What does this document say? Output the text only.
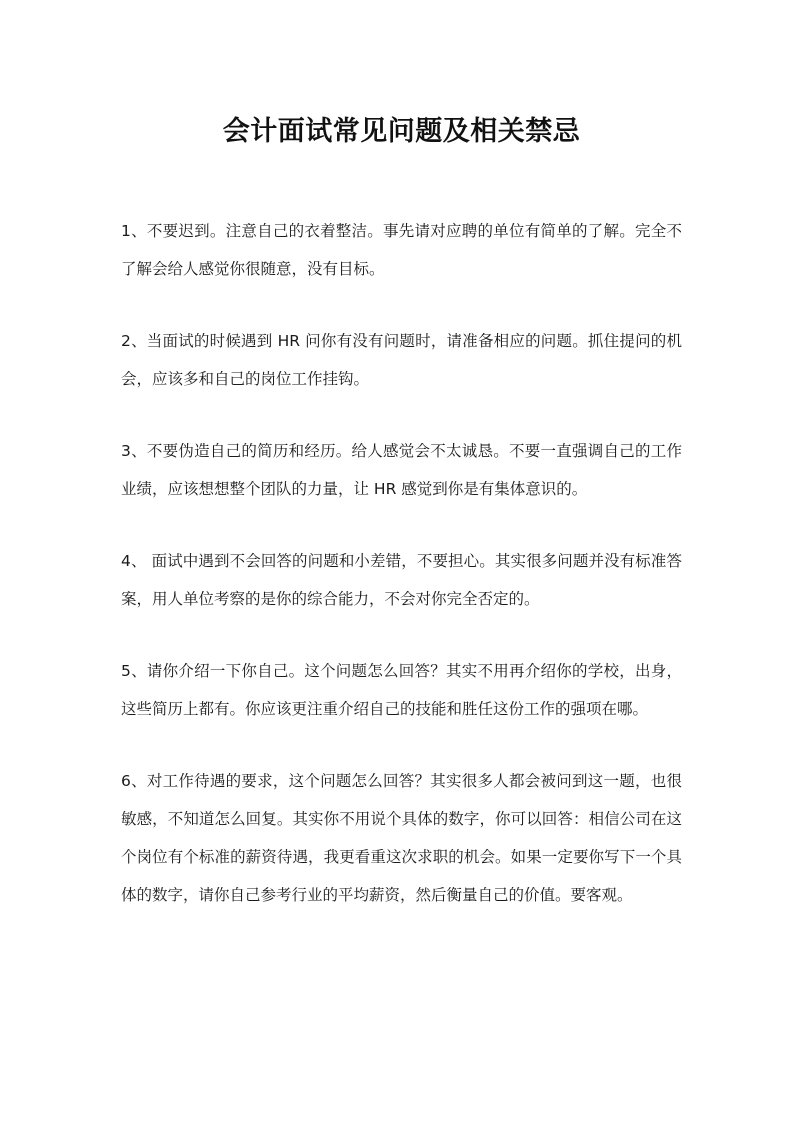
会计面试常见问题及相关禁忌

1、不要迟到。注意自己的衣着整洁。事先请对应聘的单位有简单的了解。完全不了解会给人感觉你很随意，没有目标。

2、当面试的时候遇到 HR 问你有没有问题时，请准备相应的问题。抓住提问的机会，应该多和自己的岗位工作挂钩。

3、不要伪造自己的简历和经历。给人感觉会不太诚恳。不要一直强调自己的工作业绩，应该想想整个团队的力量，让 HR 感觉到你是有集体意识的。

4、 面试中遇到不会回答的问题和小差错，不要担心。其实很多问题并没有标准答案，用人单位考察的是你的综合能力，不会对你完全否定的。

5、请你介绍一下你自己。这个问题怎么回答？其实不用再介绍你的学校，出身，这些简历上都有。你应该更注重介绍自己的技能和胜任这份工作的强项在哪。

6、对工作待遇的要求，这个问题怎么回答？其实很多人都会被问到这一题，也很敏感，不知道怎么回复。其实你不用说个具体的数字，你可以回答：相信公司在这个岗位有个标准的薪资待遇，我更看重这次求职的机会。如果一定要你写下一个具体的数字，请你自己参考行业的平均薪资，然后衡量自己的价值。要客观。
